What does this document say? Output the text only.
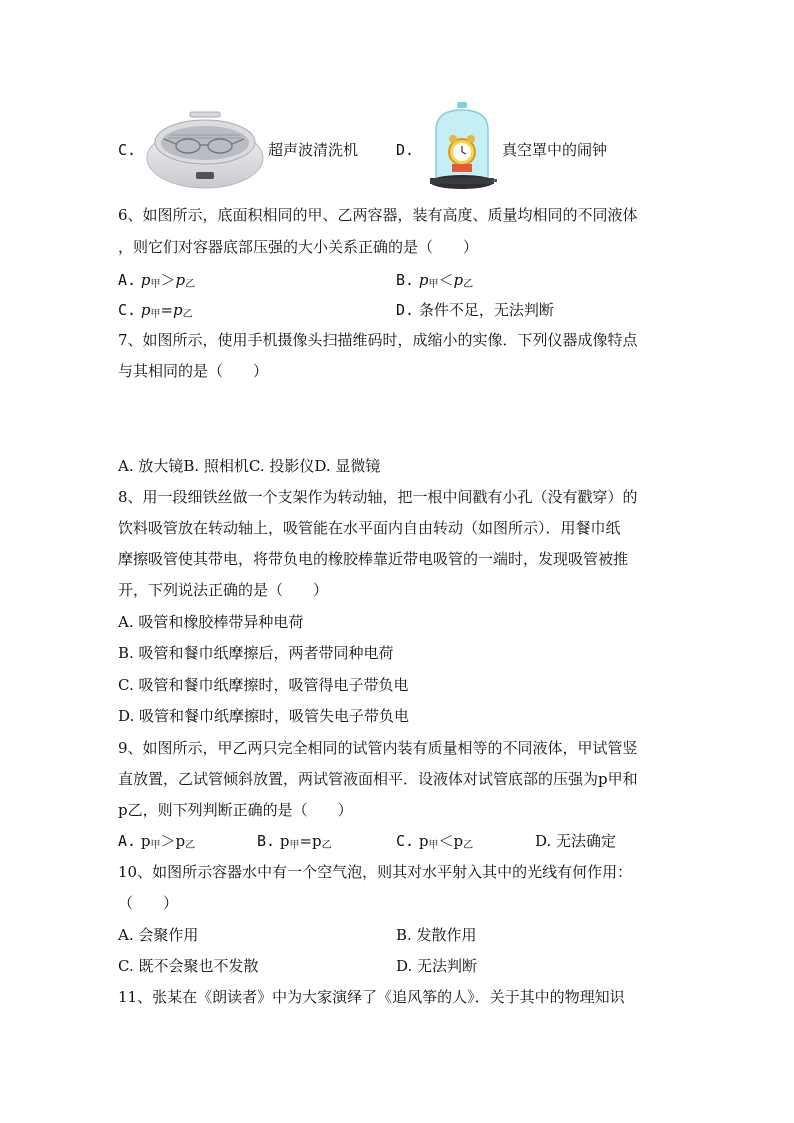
C.	超声波清洗机	D.	真空罩中的闹钟
6、如图所示，底面积相同的甲、乙两容器，装有高度、质量均相同的不同液体
，则它们对容器底部压强的大小关系正确的是（　　）
A. $p_甲>p_乙$	B. $p_甲<p_乙$
C. $p_甲=p_乙$	D. 条件不足，无法判断
7、如图所示，使用手机摄像头扫描维码时，成缩小的实像．下列仪器成像特点
与其相同的是（　　）
A. 放大镜B. 照相机C. 投影仪D. 显微镜
8、用一段细铁丝做一个支架作为转动轴，把一根中间戳有小孔（没有戳穿）的
饮料吸管放在转动轴上，吸管能在水平面内自由转动（如图所示）．用餐巾纸
摩擦吸管使其带电，将带负电的橡胶棒靠近带电吸管的一端时，发现吸管被推
开，下列说法正确的是（　　）
A. 吸管和橡胶棒带异种电荷
B. 吸管和餐巾纸摩擦后，两者带同种电荷
C. 吸管和餐巾纸摩擦时，吸管得电子带负电
D. 吸管和餐巾纸摩擦时，吸管失电子带负电
9、如图所示，甲乙两只完全相同的试管内装有质量相等的不同液体，甲试管竖
直放置，乙试管倾斜放置，两试管液面相平．设液体对试管底部的压强为p甲和
p乙，则下列判断正确的是（　　）
A. $p_甲>p_乙$	B. $p_甲=p_乙$	C. $p_甲<p_乙$	D. 无法确定
10、如图所示容器水中有一个空气泡，则其对水平射入其中的光线有何作用：
（　　）
A. 会聚作用	B. 发散作用
C. 既不会聚也不发散	D. 无法判断
11、张某在《朗读者》中为大家演绎了《追风筝的人》．关于其中的物理知识
